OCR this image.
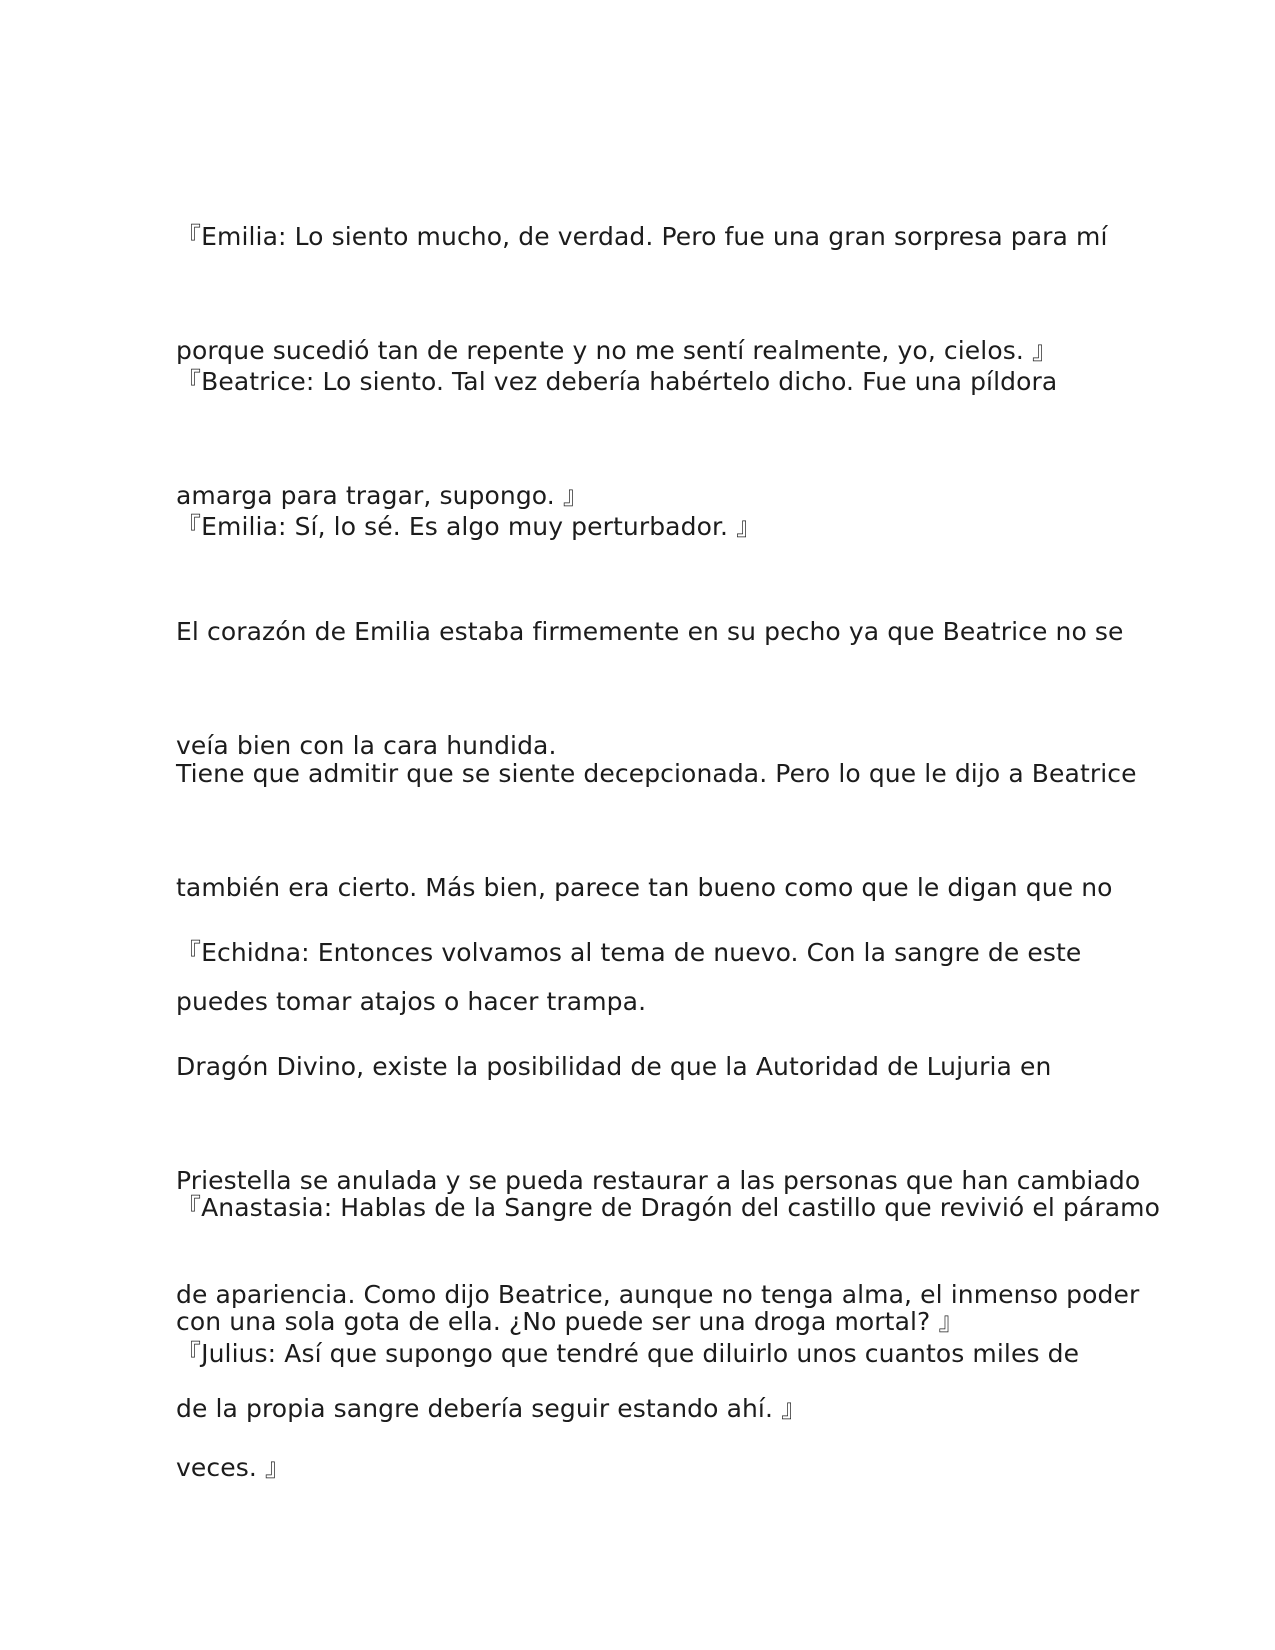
『Emilia: Lo siento mucho, de verdad. Pero fue una gran sorpresa para mí

porque sucedió tan de repente y no me sentí realmente, yo, cielos. 』

『Beatrice: Lo siento. Tal vez debería habértelo dicho. Fue una píldora

amarga para tragar, supongo. 』

『Emilia: Sí, lo sé. Es algo muy perturbador. 』

El corazón de Emilia estaba firmemente en su pecho ya que Beatrice no se

veía bien con la cara hundida.

Tiene que admitir que se siente decepcionada. Pero lo que le dijo a Beatrice

también era cierto. Más bien, parece tan bueno como que le digan que no

puedes tomar atajos o hacer trampa.

『Echidna: Entonces volvamos al tema de nuevo. Con la sangre de este

Dragón Divino, existe la posibilidad de que la Autoridad de Lujuria en

Priestella se anulada y se pueda restaurar a las personas que han cambiado

de apariencia. Como dijo Beatrice, aunque no tenga alma, el inmenso poder

de la propia sangre debería seguir estando ahí. 』

『Anastasia: Hablas de la Sangre de Dragón del castillo que revivió el páramo

con una sola gota de ella. ¿No puede ser una droga mortal? 』

『Julius: Así que supongo que tendré que diluirlo unos cuantos miles de

veces. 』
